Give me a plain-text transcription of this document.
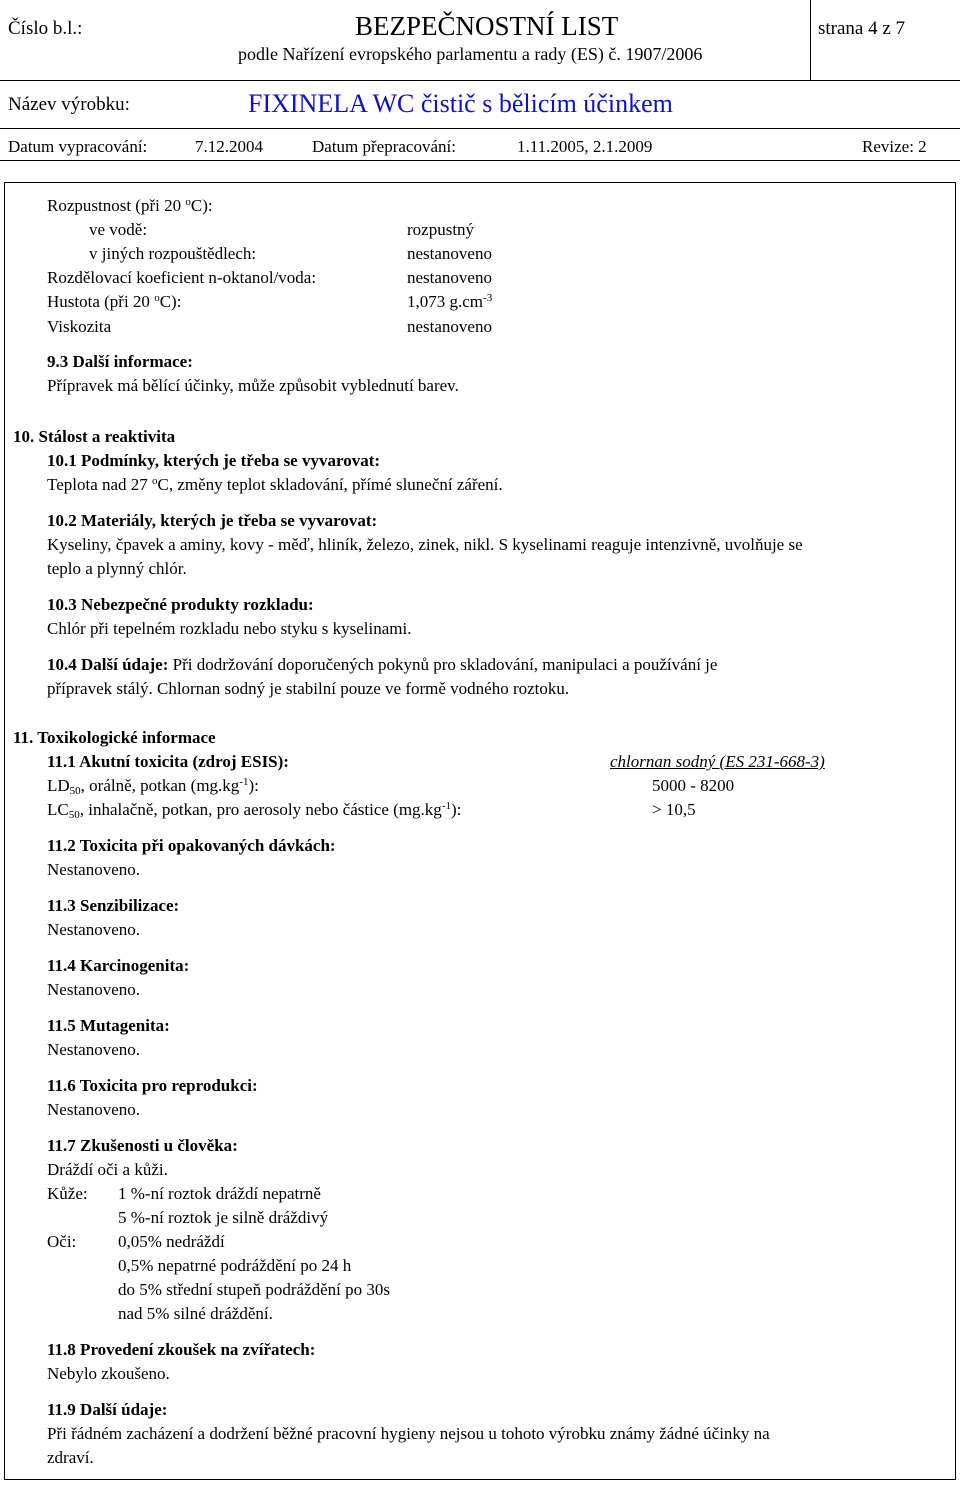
Číslo b.l.:	BEZPEČNOSTNÍ LIST
podle Nařízení evropského parlamentu a rady (ES) č. 1907/2006
strana 4 z 7
Název výrobku:	FIXINELA WC čistič s bělicím účinkem
Datum vypracování:	7.12.2004	Datum přepracování:	1.11.2005, 2.1.2009	Revize: 2
Rozpustnost (při 20 $^o$C):
ve vodě:	rozpustný
v jiných rozpouštědlech:	nestanoveno
Rozdělovací koeficient n-oktanol/voda:	nestanoveno
Hustota (při 20 $^o$C):	1,073 $g.cm^{-3}$
Viskozita	nestanoveno
9.3 Další informace:
Přípravek má bělící účinky, může způsobit vyblednutí barev.
10. Stálost a reaktivita
10.1 Podmínky, kterých je třeba se vyvarovat:
Teplota nad 27 $^o$C, změny teplot skladování, přímé sluneční záření.
10.2 Materiály, kterých je třeba se vyvarovat:
Kyseliny, čpavek a aminy, kovy - měď, hliník, železo, zinek, nikl. S kyselinami reaguje intenzivně, uvolňuje se
teplo a plynný chlór.
10.3 Nebezpečné produkty rozkladu:
Chlór při tepelném rozkladu nebo styku s kyselinami.
10.4 Další údaje: Při dodržování doporučených pokynů pro skladování, manipulaci a používání je
přípravek stálý. Chlornan sodný je stabilní pouze ve formě vodného roztoku.
11. Toxikologické informace
11.1 Akutní toxicita (zdroj ESIS):	chlornan sodný (ES 231-668-3)
$LD_{50}$, orálně, potkan $(mg.kg^{-1})$:	5000 - 8200
$LC_{50}$, inhalačně, potkan, pro aerosoly nebo částice $(mg.kg^{-1})$:	> 10,5
11.2 Toxicita při opakovaných dávkách:
Nestanoveno.
11.3 Senzibilizace:
Nestanoveno.
11.4 Karcinogenita:
Nestanoveno.
11.5 Mutagenita:
Nestanoveno.
11.6 Toxicita pro reprodukci:
Nestanoveno.
11.7 Zkušenosti u člověka:
Dráždí oči a kůži.
Kůže: 1 %-ní roztok dráždí nepatrně
5 %-ní roztok je silně dráždivý
Oči: 0,05% nedráždí
0,5% nepatrné podráždění po 24 h
do 5% střední stupeň podráždění po 30s
nad 5% silné dráždění.
11.8 Provedení zkoušek na zvířatech:
Nebylo zkoušeno.
11.9 Další údaje:
Při řádném zacházení a dodržení běžné pracovní hygieny nejsou u tohoto výrobku známy žádné účinky na
zdraví.
